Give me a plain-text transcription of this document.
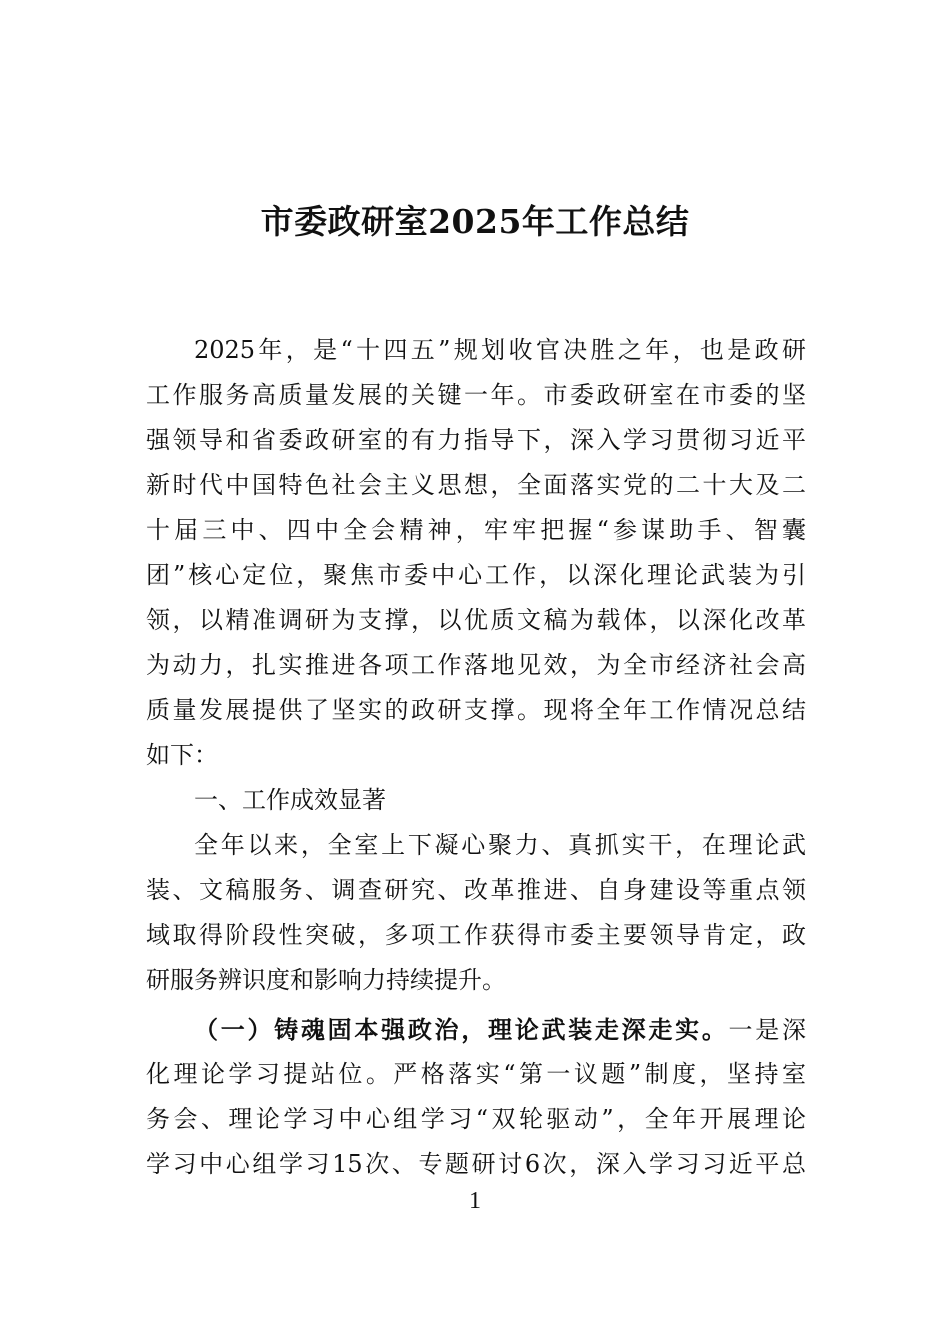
市委政研室2025年工作总结
2025年，是“十四五”规划收官决胜之年，也是政研
工作服务高质量发展的关键一年。市委政研室在市委的坚
强领导和省委政研室的有力指导下，深入学习贯彻习近平
新时代中国特色社会主义思想，全面落实党的二十大及二
十届三中、四中全会精神，牢牢把握“参谋助手、智囊
团”核心定位，聚焦市委中心工作，以深化理论武装为引
领，以精准调研为支撑，以优质文稿为载体，以深化改革
为动力，扎实推进各项工作落地见效，为全市经济社会高
质量发展提供了坚实的政研支撑。现将全年工作情况总结
如下：
一、工作成效显著
全年以来，全室上下凝心聚力、真抓实干，在理论武
装、文稿服务、调查研究、改革推进、自身建设等重点领
域取得阶段性突破，多项工作获得市委主要领导肯定，政
研服务辨识度和影响力持续提升。
（一）铸魂固本强政治，理论武装走深走实。一是深
化理论学习提站位。严格落实“第一议题”制度，坚持室
务会、理论学习中心组学习“双轮驱动”，全年开展理论
学习中心组学习15次、专题研讨6次，深入学习习近平总
1
